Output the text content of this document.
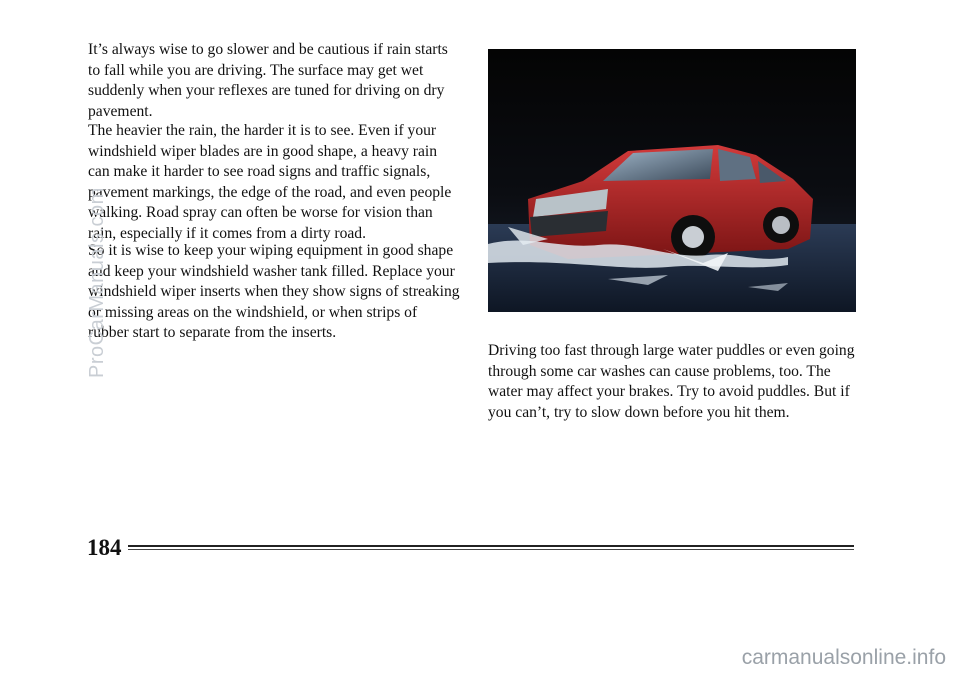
It’s always wise to go slower and be cautious if rain starts to fall while you are driving. The surface may get wet suddenly when your reflexes are tuned for driving on dry pavement.

The heavier the rain, the harder it is to see. Even if your windshield wiper blades are in good shape, a heavy rain can make it harder to see road signs and traffic signals, pavement markings, the edge of the road, and even people walking. Road spray can often be worse for vision than rain, especially if it comes from a dirty road.

So it is wise to keep your wiping equipment in good shape and keep your windshield washer tank filled. Replace your windshield wiper inserts when they show signs of streaking or missing areas on the windshield, or when strips of rubber start to separate from the inserts.

Driving too fast through large water puddles or even going through some car washes can cause problems, too. The water may affect your brakes. Try to avoid puddles. But if you can’t, try to slow down before you hit them.

184
ProCarManuals.com
carmanualsonline.info
